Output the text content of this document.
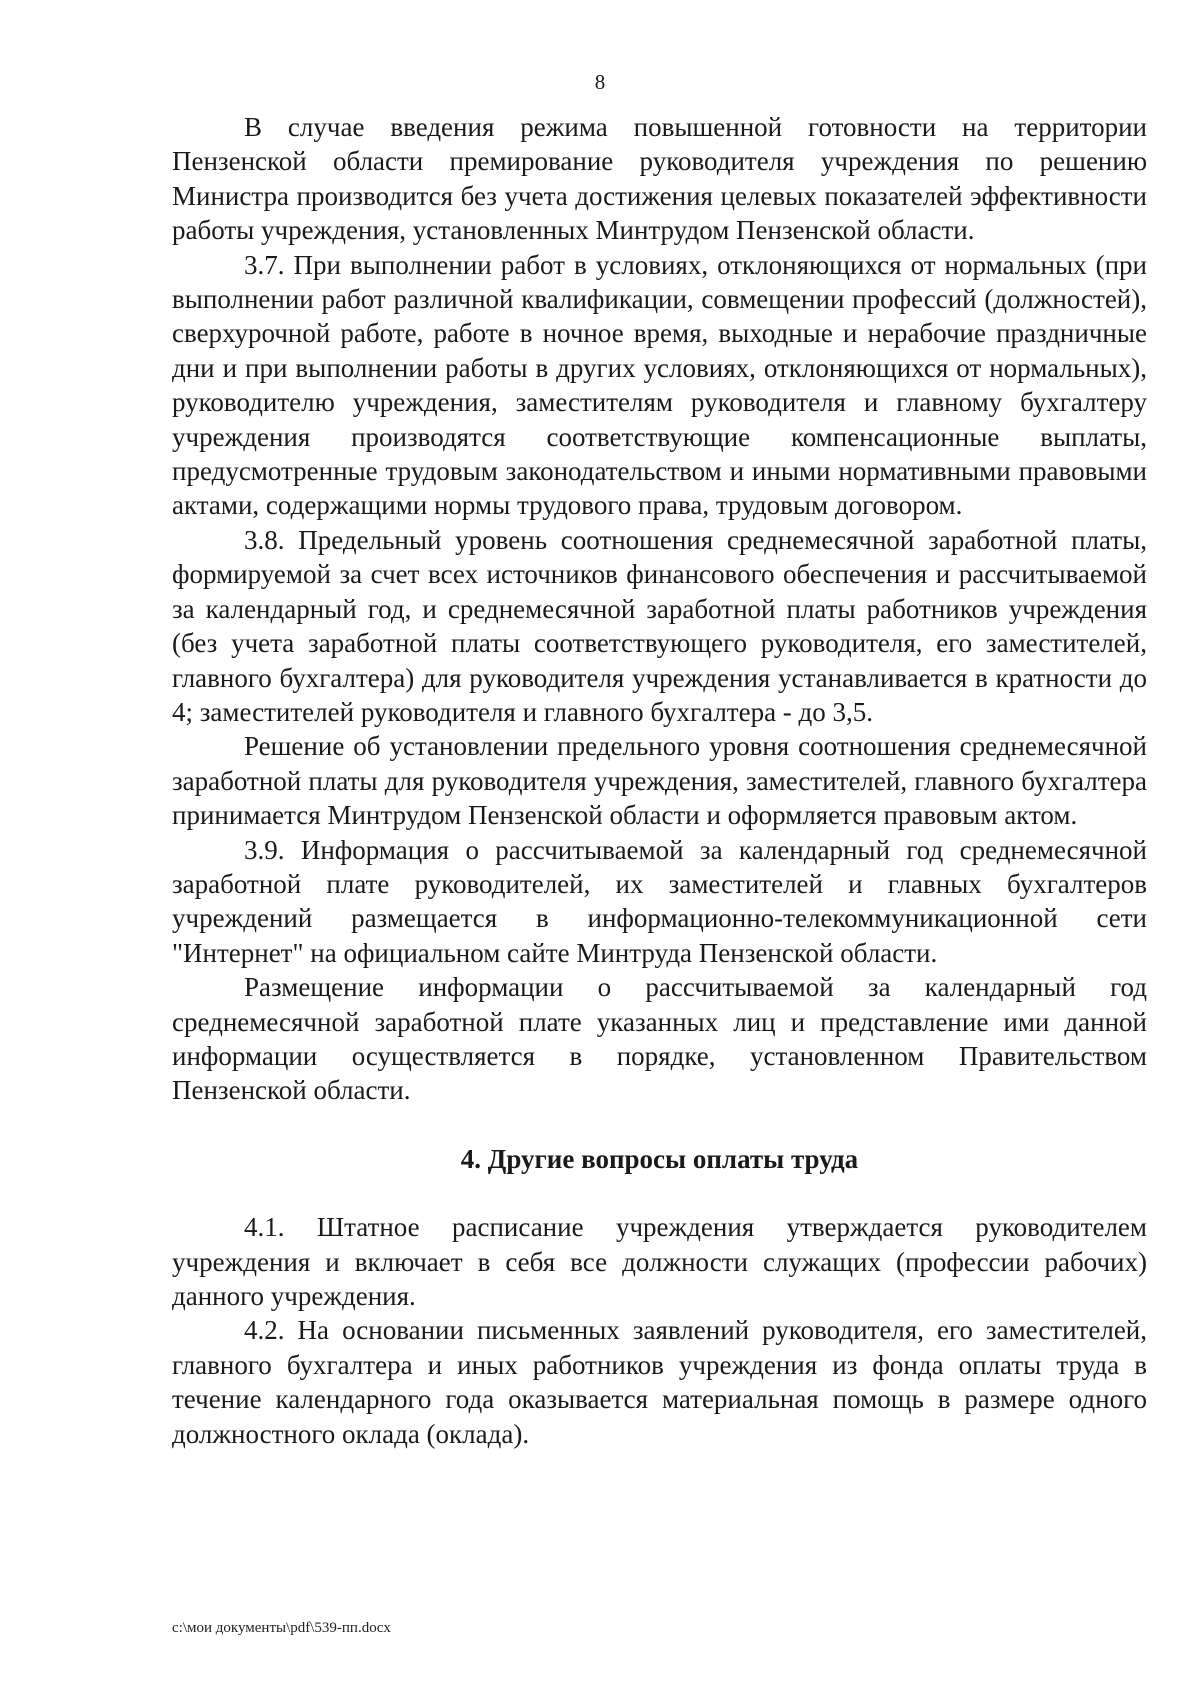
8

В случае введения режима повышенной готовности на территории Пензенской области премирование руководителя учреждения по решению Министра производится без учета достижения целевых показателей эффективности работы учреждения, установленных Минтрудом Пензенской области.

3.7. При выполнении работ в условиях, отклоняющихся от нормальных (при выполнении работ различной квалификации, совмещении профессий (должностей), сверхурочной работе, работе в ночное время, выходные и нерабочие праздничные дни и при выполнении работы в других условиях, отклоняющихся от нормальных), руководителю учреждения, заместителям руководителя и главному бухгалтеру учреждения производятся соответствующие компенсационные выплаты, предусмотренные трудовым законодательством и иными нормативными правовыми актами, содержащими нормы трудового права, трудовым договором.

3.8. Предельный уровень соотношения среднемесячной заработной платы, формируемой за счет всех источников финансового обеспечения и рассчитываемой за календарный год, и среднемесячной заработной платы работников учреждения (без учета заработной платы соответствующего руководителя, его заместителей, главного бухгалтера) для руководителя учреждения устанавливается в кратности до 4; заместителей руководителя и главного бухгалтера - до 3,5.

Решение об установлении предельного уровня соотношения среднемесячной заработной платы для руководителя учреждения, заместителей, главного бухгалтера принимается Минтрудом Пензенской области и оформляется правовым актом.

3.9. Информация о рассчитываемой за календарный год среднемесячной заработной плате руководителей, их заместителей и главных бухгалтеров учреждений размещается в информационно-телекоммуникационной сети "Интернет" на официальном сайте Минтруда Пензенской области.

Размещение информации о рассчитываемой за календарный год среднемесячной заработной плате указанных лиц и представление ими данной информации осуществляется в порядке, установленном Правительством Пензенской области.

4. Другие вопросы оплаты труда

4.1. Штатное расписание учреждения утверждается руководителем учреждения и включает в себя все должности служащих (профессии рабочих) данного учреждения.

4.2. На основании письменных заявлений руководителя, его заместителей, главного бухгалтера и иных работников учреждения из фонда оплаты труда в течение календарного года оказывается материальная помощь в размере одного должностного оклада (оклада).

c:\мои документы\pdf\539-пп.docx
